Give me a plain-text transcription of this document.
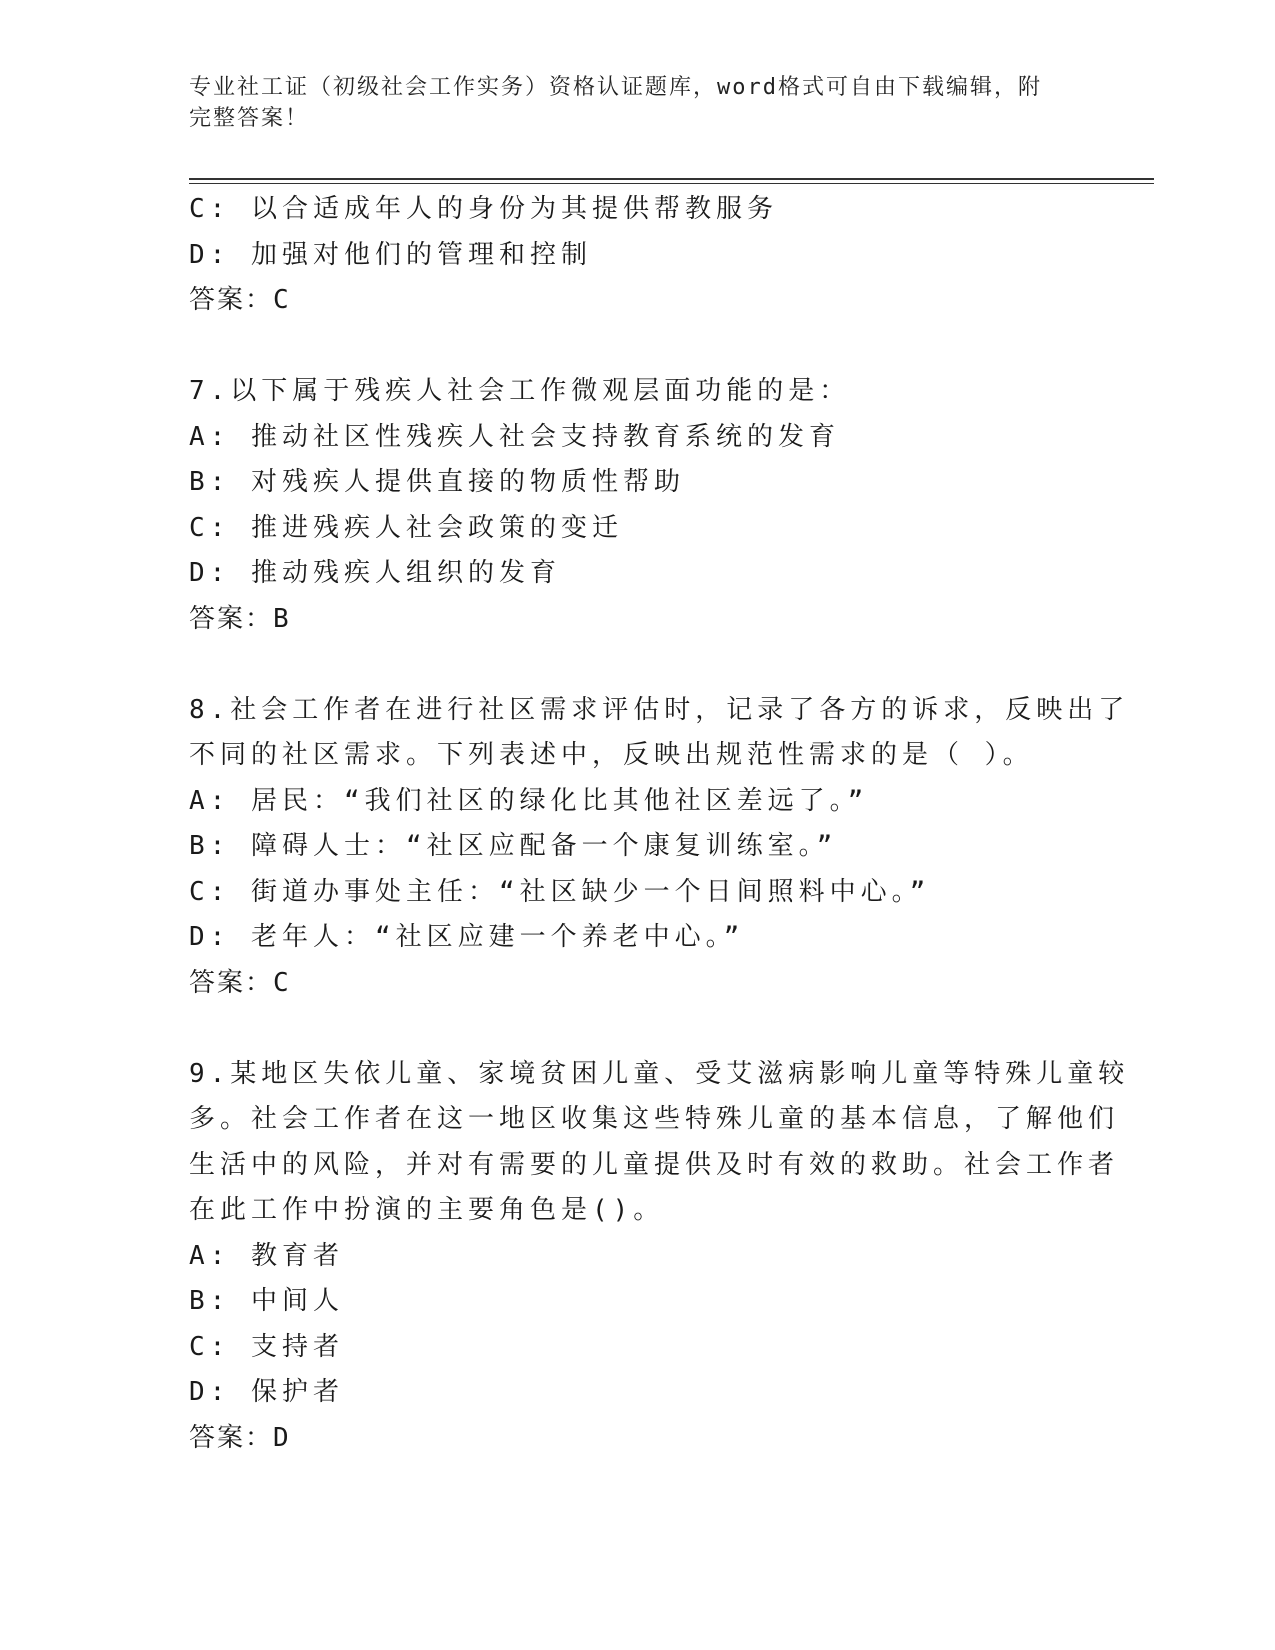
专业社工证（初级社会工作实务）资格认证题库，word格式可自由下载编辑，附
完整答案！
C: 以合适成年人的身份为其提供帮教服务
D: 加强对他们的管理和控制
答案：C
7.以下属于残疾人社会工作微观层面功能的是：
A: 推动社区性残疾人社会支持教育系统的发育
B: 对残疾人提供直接的物质性帮助
C: 推进残疾人社会政策的变迁
D: 推动残疾人组织的发育
答案：B
8.社会工作者在进行社区需求评估时，记录了各方的诉求，反映出了
不同的社区需求。下列表述中，反映出规范性需求的是（ ）。
A: 居民：“我们社区的绿化比其他社区差远了。”
B: 障碍人士：“社区应配备一个康复训练室。”
C: 街道办事处主任：“社区缺少一个日间照料中心。”
D: 老年人：“社区应建一个养老中心。”
答案：C
9.某地区失依儿童、家境贫困儿童、受艾滋病影响儿童等特殊儿童较
多。社会工作者在这一地区收集这些特殊儿童的基本信息，了解他们
生活中的风险，并对有需要的儿童提供及时有效的救助。社会工作者
在此工作中扮演的主要角色是()。
A: 教育者
B: 中间人
C: 支持者
D: 保护者
答案：D
